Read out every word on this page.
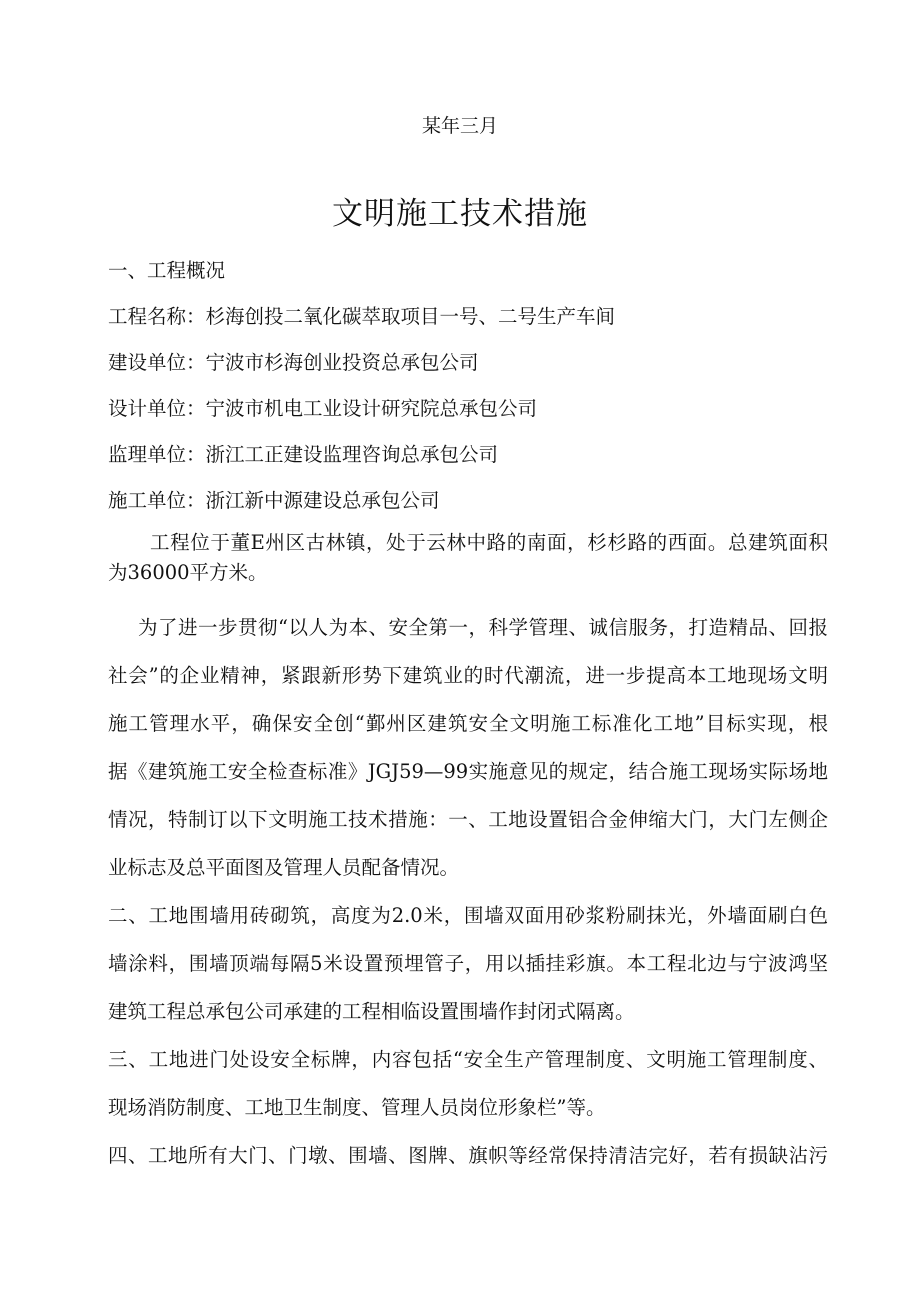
某年三月
文明施工技术措施
一、工程概况
工程名称：杉海创投二氧化碳萃取项目一号、二号生产车间
建设单位：宁波市杉海创业投资总承包公司
设计单位：宁波市机电工业设计研究院总承包公司
监理单位：浙江工正建设监理咨询总承包公司
施工单位：浙江新中源建设总承包公司
工程位于董E州区古林镇，处于云林中路的南面，杉杉路的西面。总建筑面积
为36000平方米。
为了进一步贯彻“以人为本、安全第一，科学管理、诚信服务，打造精品、回报
社会”的企业精神，紧跟新形势下建筑业的时代潮流，进一步提高本工地现场文明
施工管理水平，确保安全创“鄞州区建筑安全文明施工标准化工地”目标实现，根
据《建筑施工安全检查标准》JGJ59—99实施意见的规定，结合施工现场实际场地
情况，特制订以下文明施工技术措施：一、工地设置铝合金伸缩大门，大门左侧企
业标志及总平面图及管理人员配备情况。
二、工地围墙用砖砌筑，高度为2.0米，围墙双面用砂浆粉刷抹光，外墙面刷白色
墙涂料，围墙顶端每隔5米设置预埋管子，用以插挂彩旗。本工程北边与宁波鸿坚
建筑工程总承包公司承建的工程相临设置围墙作封闭式隔离。
三、工地进门处设安全标牌，内容包括“安全生产管理制度、文明施工管理制度、
现场消防制度、工地卫生制度、管理人员岗位形象栏”等。
四、工地所有大门、门墩、围墙、图牌、旗帜等经常保持清洁完好，若有损缺沾污
